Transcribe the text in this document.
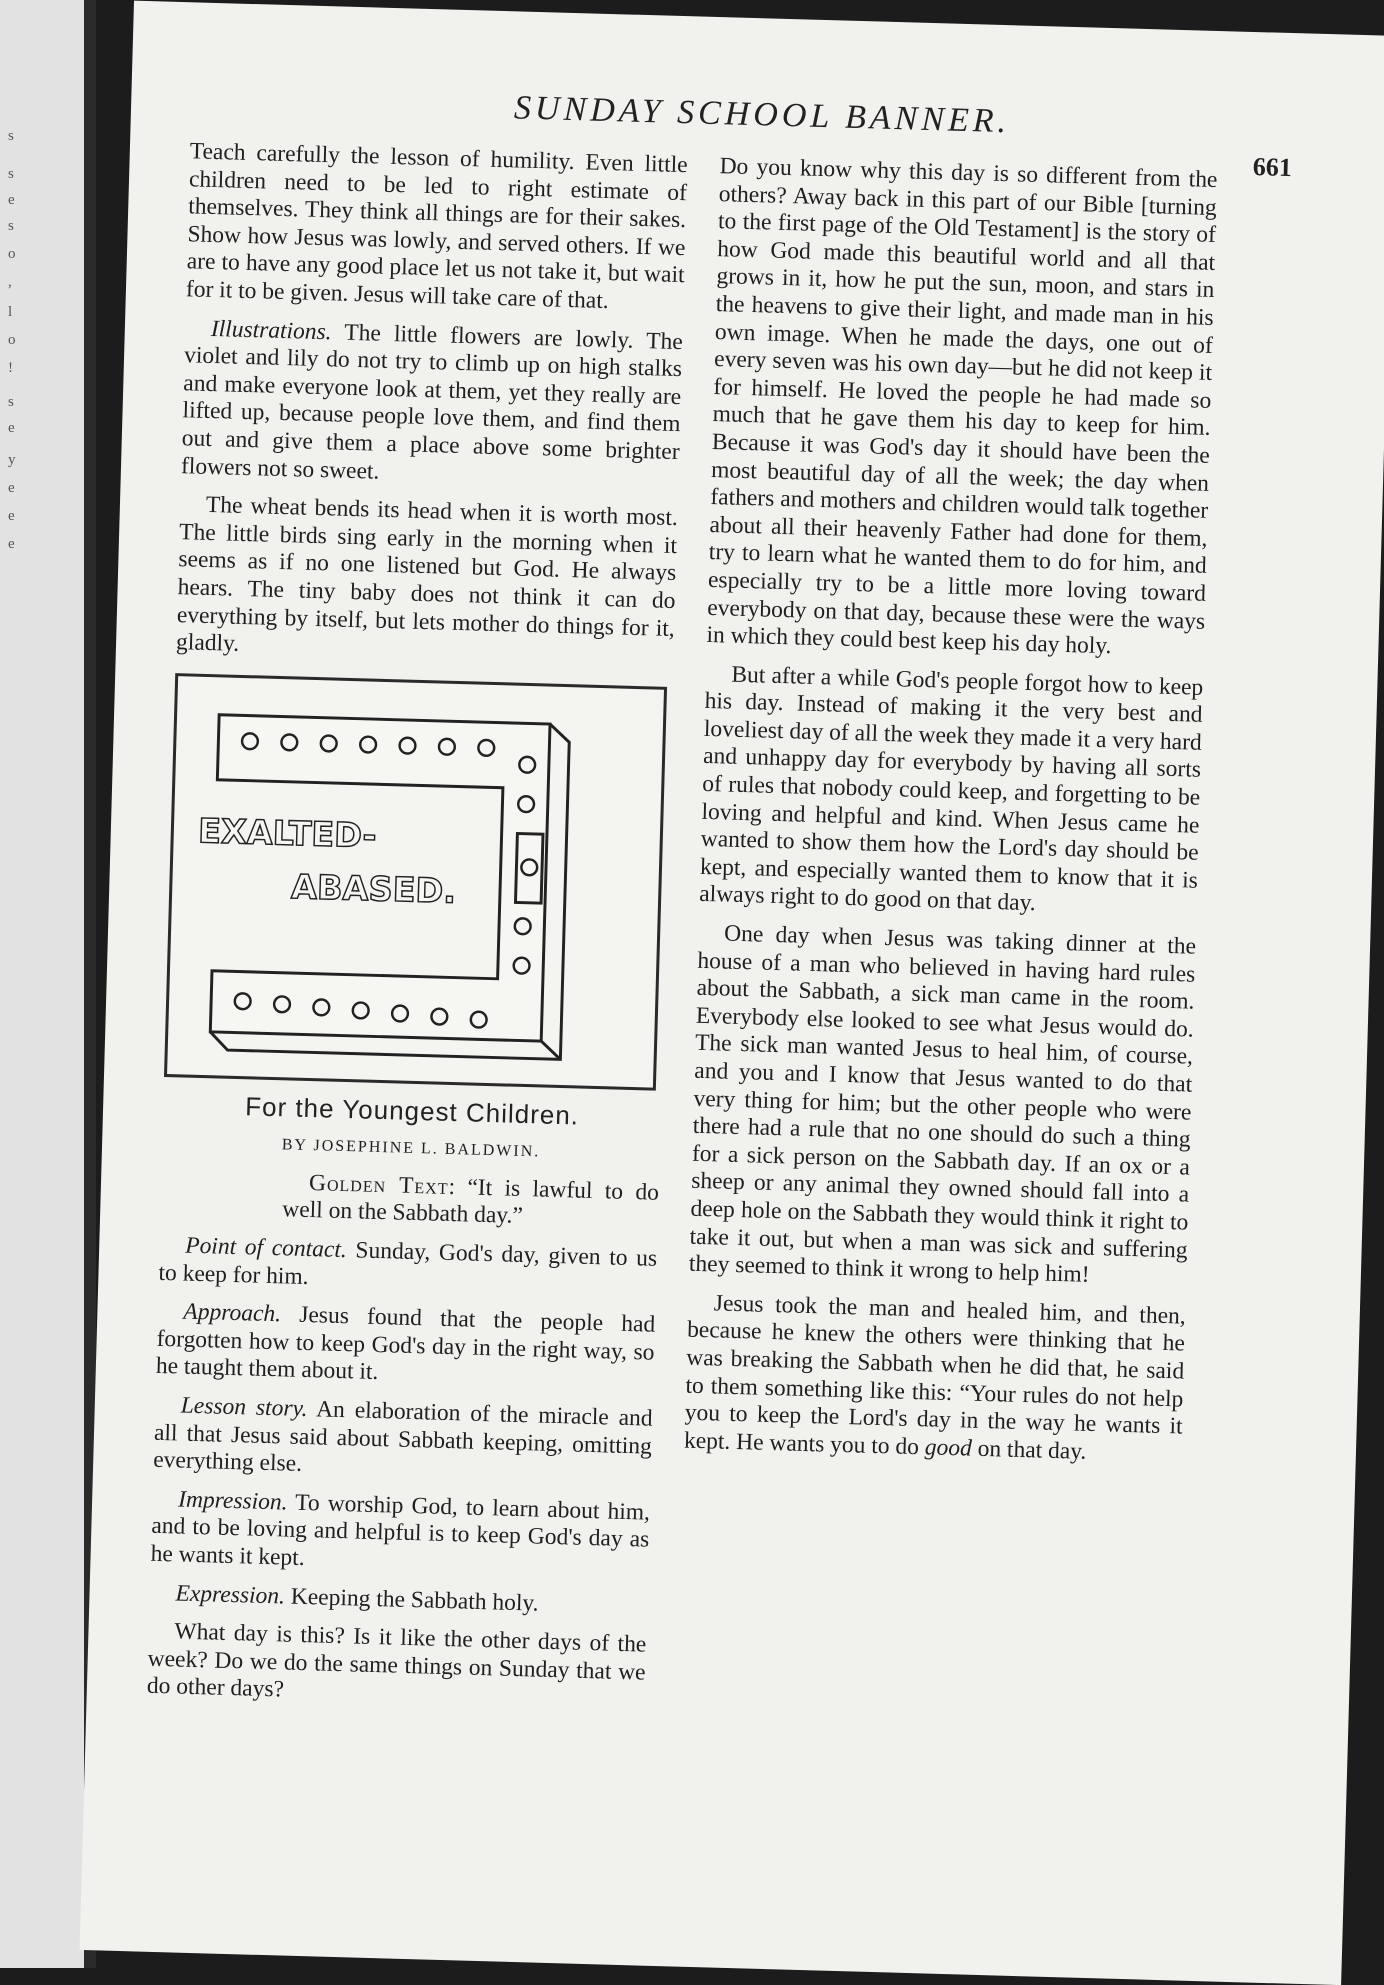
s
s
e
s
o
,
l
o
!
s
e
y
e
e
e
SUNDAY SCHOOL BANNER.
661

Teach carefully the lesson of humility. Even little children need to be led to right estimate of themselves. They think all things are for their sakes. Show how Jesus was lowly, and served others. If we are to have any good place let us not take it, but wait for it to be given. Jesus will take care of that.

Illustrations. The little flowers are lowly. The violet and lily do not try to climb up on high stalks and make everyone look at them, yet they really are lifted up, because people love them, and find them out and give them a place above some brighter flowers not so sweet.

The wheat bends its head when it is worth most. The little birds sing early in the morning when it seems as if no one listened but God. He always hears. The tiny baby does not think it can do everything by itself, but lets mother do things for it, gladly.

EXALTED-
ABASED.
For the Youngest Children.
BY JOSEPHINE L. BALDWIN.

Golden Text: “It is lawful to do well on the Sabbath day.”

Point of contact. Sunday, God's day, given to us to keep for him.

Approach. Jesus found that the people had forgotten how to keep God's day in the right way, so he taught them about it.

Lesson story. An elaboration of the miracle and all that Jesus said about Sabbath keeping, omitting everything else.

Impression. To worship God, to learn about him, and to be loving and helpful is to keep God's day as he wants it kept.

Expression. Keeping the Sabbath holy.

What day is this? Is it like the other days of the week? Do we do the same things on Sunday that we do other days?

Do you know why this day is so different from the others? Away back in this part of our Bible [turning to the first page of the Old Testament] is the story of how God made this beautiful world and all that grows in it, how he put the sun, moon, and stars in the heavens to give their light, and made man in his own image. When he made the days, one out of every seven was his own day—but he did not keep it for himself. He loved the people he had made so much that he gave them his day to keep for him. Because it was God's day it should have been the most beautiful day of all the week; the day when fathers and mothers and children would talk together about all their heavenly Father had done for them, try to learn what he wanted them to do for him, and especially try to be a little more loving toward everybody on that day, because these were the ways in which they could best keep his day holy.

But after a while God's people forgot how to keep his day. Instead of making it the very best and loveliest day of all the week they made it a very hard and unhappy day for everybody by having all sorts of rules that nobody could keep, and forgetting to be loving and helpful and kind. When Jesus came he wanted to show them how the Lord's day should be kept, and especially wanted them to know that it is always right to do good on that day.

One day when Jesus was taking dinner at the house of a man who believed in having hard rules about the Sabbath, a sick man came in the room. Everybody else looked to see what Jesus would do. The sick man wanted Jesus to heal him, of course, and you and I know that Jesus wanted to do that very thing for him; but the other people who were there had a rule that no one should do such a thing for a sick person on the Sabbath day. If an ox or a sheep or any animal they owned should fall into a deep hole on the Sabbath they would think it right to take it out, but when a man was sick and suffering they seemed to think it wrong to help him!

Jesus took the man and healed him, and then, because he knew the others were thinking that he was breaking the Sabbath when he did that, he said to them something like this: “Your rules do not help you to keep the Lord's day in the way he wants it kept. He wants you to do good on that day.
